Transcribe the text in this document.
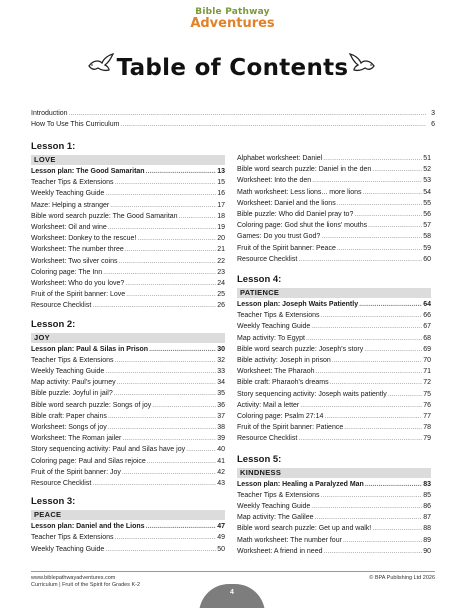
Bible Pathway
Adventures
Table of Contents
Introduction .....	3
How To Use This Curriculum .....	6
Lesson 1:
LOVE
Lesson plan: The Good Samaritan .....	13
Teacher Tips & Extensions .....	15
Weekly Teaching Guide .....	16
Maze: Helping a stranger .....	17
Bible word search puzzle: The Good Samaritan .....	18
Worksheet: Oil and wine .....	19
Worksheet: Donkey to the rescue! .....	20
Worksheet: The number three .....	21
Worksheet: Two silver coins .....	22
Coloring page: The Inn .....	23
Worksheet: Who do you love? .....	24
Fruit of the Spirit banner: Love .....	25
Resource Checklist .....	26
Lesson 2:
JOY
Lesson plan: Paul & Silas in Prison .....	30
Teacher Tips & Extensions .....	32
Weekly Teaching Guide .....	33
Map activity: Paul's journey .....	34
Bible puzzle: Joyful in jail? .....	35
Bible word search puzzle: Songs of joy .....	36
Bible craft: Paper chains .....	37
Worksheet: Songs of joy .....	38
Worksheet: The Roman jailer .....	39
Story sequencing activity: Paul and Silas have joy .....	40
Coloring page: Paul and Silas rejoice .....	41
Fruit of the Spirit banner: Joy .....	42
Resource Checklist .....	43
Lesson 3:
PEACE
Lesson plan: Daniel and the Lions .....	47
Teacher Tips & Extensions .....	49
Weekly Teaching Guide .....	50
Alphabet worksheet: Daniel .....	51
Bible word search puzzle: Daniel in the den .....	52
Worksheet: Into the den .....	53
Math worksheet: Less lions... more lions .....	54
Worksheet: Daniel and the lions .....	55
Bible puzzle: Who did Daniel pray to? .....	56
Coloring page: God shut the lions' mouths .....	57
Games: Do you trust God? .....	58
Fruit of the Spirit banner: Peace .....	59
Resource Checklist .....	60
Lesson 4:
PATIENCE
Lesson plan: Joseph Waits Patiently .....	64
Teacher Tips & Extensions .....	66
Weekly Teaching Guide .....	67
Map activity: To Egypt .....	68
Bible word search puzzle: Joseph's story .....	69
Bible activity: Joseph in prison .....	70
Worksheet: The Pharaoh .....	71
Bible craft: Pharaoh's dreams .....	72
Story sequencing activity: Joseph waits patiently .....	75
Activity: Mail a letter .....	76
Coloring page: Psalm 27:14 .....	77
Fruit of the Spirit banner: Patience .....	78
Resource Checklist .....	79
Lesson 5:
KINDNESS
Lesson plan: Healing a Paralyzed Man .....	83
Teacher Tips & Extensions .....	85
Weekly Teaching Guide .....	86
Map activity: The Galilee .....	87
Bible word search puzzle: Get up and walk! .....	88
Math worksheet: The number four .....	89
Worksheet: A friend in need .....	90
www.biblepathwayadventures.com
Curriculum | Fruit of the Spirit for Grades K-2
© BPA Publishing Ltd 2026
4
